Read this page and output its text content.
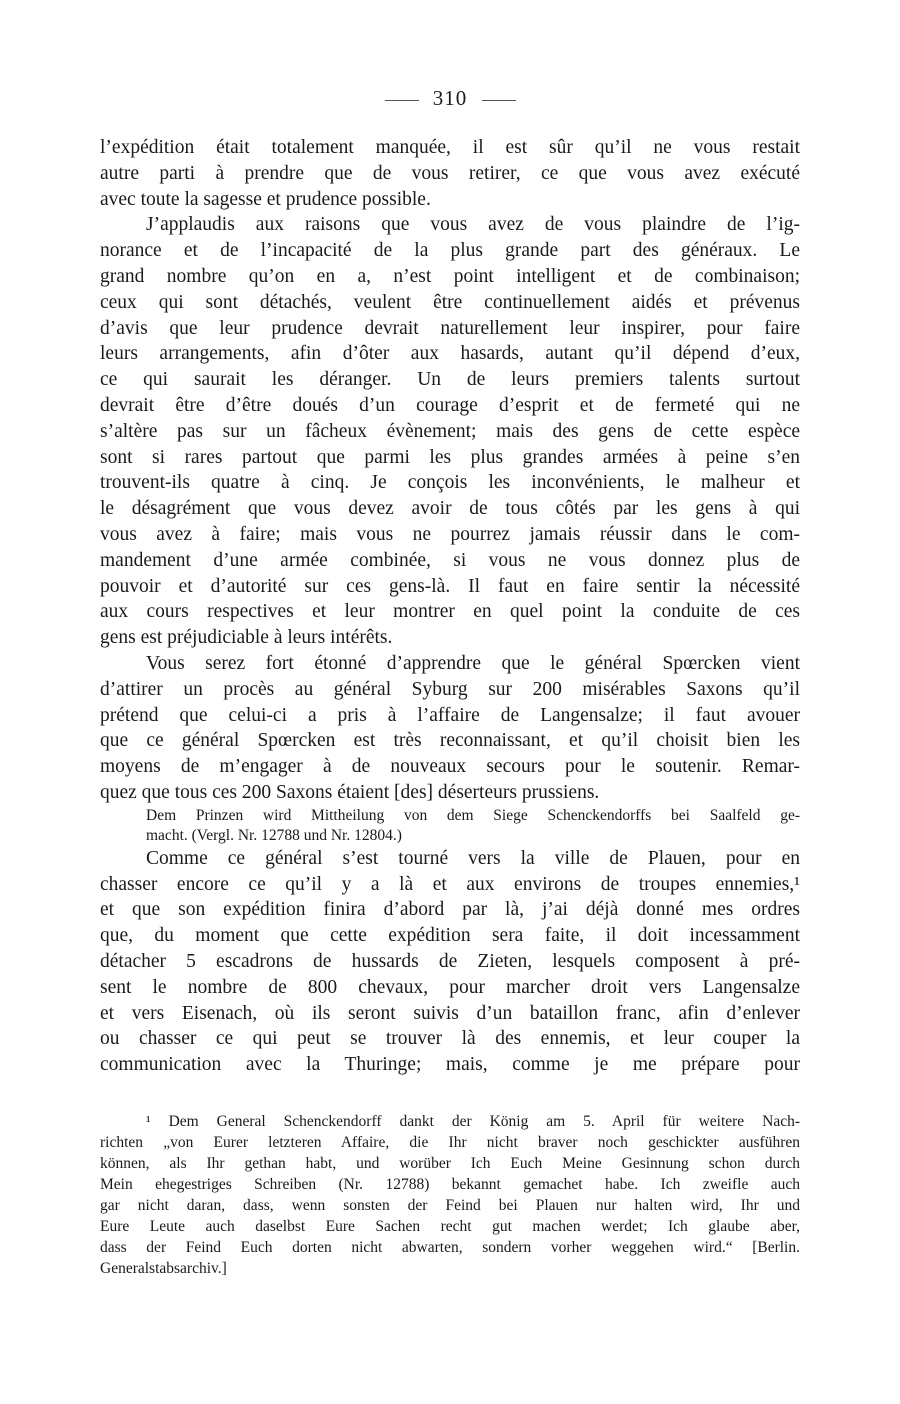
310

l’expédition était totalement manquée, il est sûr qu’il ne vous restait
autre parti à prendre que de vous retirer, ce que vous avez exécuté
avec toute la sagesse et prudence possible.

J’applaudis aux raisons que vous avez de vous plaindre de l’ig-
norance et de l’incapacité de la plus grande part des généraux. Le
grand nombre qu’on en a, n’est point intelligent et de combinaison;
ceux qui sont détachés, veulent être continuellement aidés et prévenus
d’avis que leur prudence devrait naturellement leur inspirer, pour faire
leurs arrangements, afin d’ôter aux hasards, autant qu’il dépend d’eux,
ce qui saurait les déranger. Un de leurs premiers talents surtout
devrait être d’être doués d’un courage d’esprit et de fermeté qui ne
s’altère pas sur un fâcheux évènement; mais des gens de cette espèce
sont si rares partout que parmi les plus grandes armées à peine s’en
trouvent-ils quatre à cinq. Je conçois les inconvénients, le malheur et
le désagrément que vous devez avoir de tous côtés par les gens à qui
vous avez à faire; mais vous ne pourrez jamais réussir dans le com-
mandement d’une armée combinée, si vous ne vous donnez plus de
pouvoir et d’autorité sur ces gens-là. Il faut en faire sentir la nécessité
aux cours respectives et leur montrer en quel point la conduite de ces
gens est préjudiciable à leurs intérêts.

Vous serez fort étonné d’apprendre que le général Spœrcken vient
d’attirer un procès au général Syburg sur 200 misérables Saxons qu’il
prétend que celui-ci a pris à l’affaire de Langensalze; il faut avouer
que ce général Spœrcken est très reconnaissant, et qu’il choisit bien les
moyens de m’engager à de nouveaux secours pour le soutenir. Remar-
quez que tous ces 200 Saxons étaient [des] déserteurs prussiens.

Dem Prinzen wird Mittheilung von dem Siege Schenckendorffs bei Saalfeld ge-
macht. (Vergl. Nr. 12788 und Nr. 12804.)

Comme ce général s’est tourné vers la ville de Plauen, pour en
chasser encore ce qu’il y a là et aux environs de troupes ennemies,¹
et que son expédition finira d’abord par là, j’ai déjà donné mes ordres
que, du moment que cette expédition sera faite, il doit incessamment
détacher 5 escadrons de hussards de Zieten, lesquels composent à pré-
sent le nombre de 800 chevaux, pour marcher droit vers Langensalze
et vers Eisenach, où ils seront suivis d’un bataillon franc, afin d’enlever
ou chasser ce qui peut se trouver là des ennemis, et leur couper la
communication avec la Thuringe; mais, comme je me prépare pour

¹ Dem General Schenckendorff dankt der König am 5. April für weitere Nach-
richten „von Eurer letzteren Affaire, die Ihr nicht braver noch geschickter ausführen
können, als Ihr gethan habt, und worüber Ich Euch Meine Gesinnung schon durch
Mein ehegestriges Schreiben (Nr. 12788) bekannt gemachet habe. Ich zweifle auch
gar nicht daran, dass, wenn sonsten der Feind bei Plauen nur halten wird, Ihr und
Eure Leute auch daselbst Eure Sachen recht gut machen werdet; Ich glaube aber,
dass der Feind Euch dorten nicht abwarten, sondern vorher weggehen wird.“ [Berlin.
Generalstabsarchiv.]
